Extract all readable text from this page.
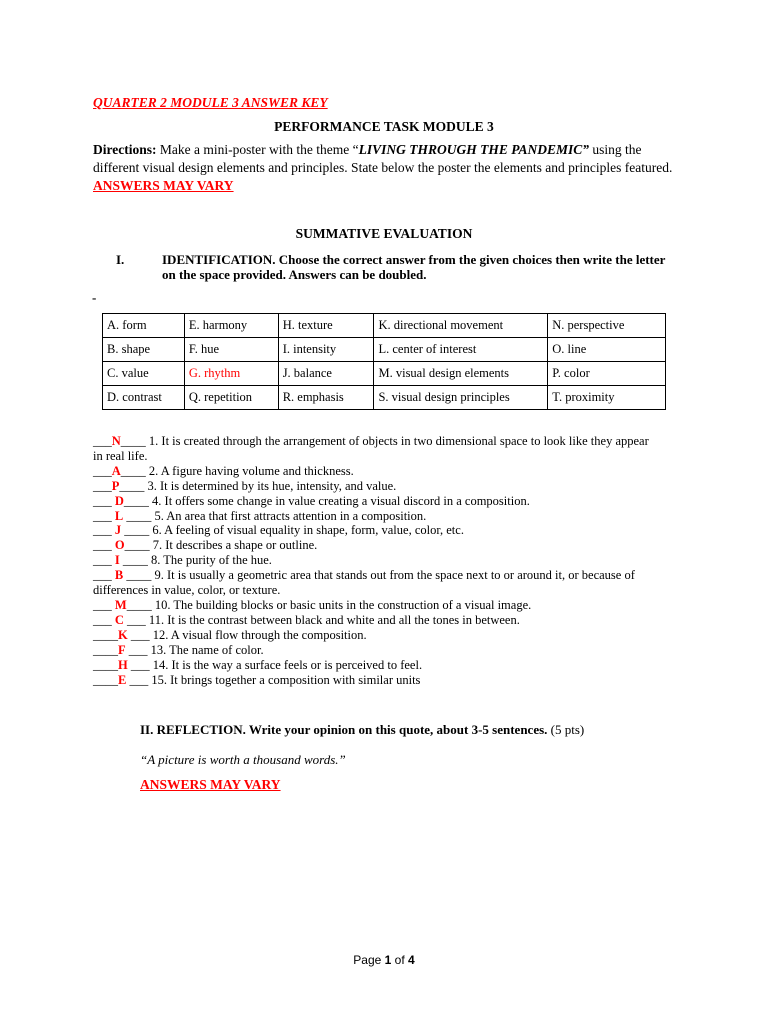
QUARTER 2 MODULE 3 ANSWER KEY
PERFORMANCE TASK MODULE 3
Directions: Make a mini-poster with the theme “LIVING THROUGH THE PANDEMIC” using the different visual design elements and principles. State below the poster the elements and principles featured. ANSWERS MAY VARY
SUMMATIVE EVALUATION
I.	IDENTIFICATION. Choose the correct answer from the given choices then write the letter on the space provided. Answers can be doubled.
-
A. form	E. harmony	H. texture	K. directional movement	N. perspective
B. shape	F. hue	I. intensity	L. center of interest	O. line
C. value	G. rhythm	J. balance	M. visual design elements	P. color
D. contrast	Q. repetition	R. emphasis	S. visual design principles	T. proximity
___N____ 1. It is created through the arrangement of objects in two dimensional space to look like they appear in real life.
___A____ 2. A figure having volume and thickness.
___P____ 3. It is determined by its hue, intensity, and value.
___ D____ 4. It offers some change in value creating a visual discord in a composition.
___ L ____ 5. An area that first attracts attention in a composition.
___ J ____ 6. A feeling of visual equality in shape, form, value, color, etc.
___ O____ 7. It describes a shape or outline.
___ I ____ 8. The purity of the hue.
___ B ____ 9. It is usually a geometric area that stands out from the space next to or around it, or because of differences in value, color, or texture.
___ M____ 10. The building blocks or basic units in the construction of a visual image.
___ C ___ 11. It is the contrast between black and white and all the tones in between.
____K ___ 12. A visual flow through the composition.
____F ___ 13. The name of color.
____H ___ 14. It is the way a surface feels or is perceived to feel.
____E ___ 15. It brings together a composition with similar units
II. REFLECTION. Write your opinion on this quote, about 3-5 sentences. (5 pts)
“A picture is worth a thousand words.”
ANSWERS MAY VARY
Page 1 of 4
